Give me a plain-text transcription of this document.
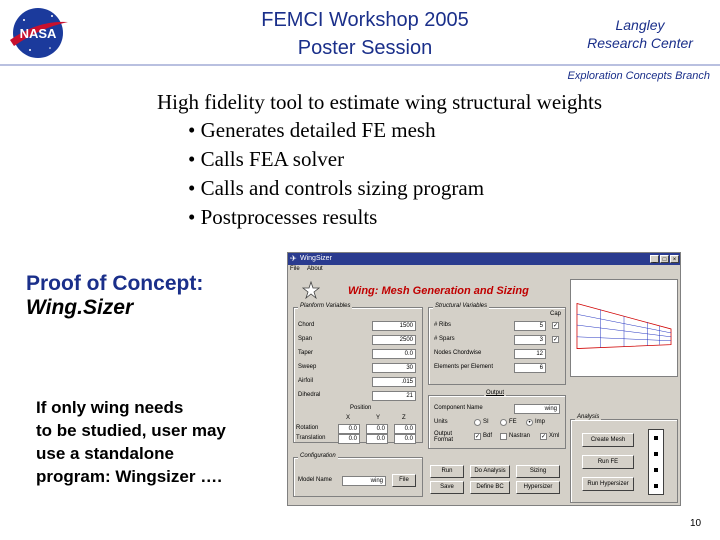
NASA
FEMCI Workshop 2005
Poster Session
Langley
Research Center
Exploration Concepts Branch
High fidelity tool to estimate wing structural weights
• Generates detailed FE mesh
• Calls FEA solver
• Calls and controls sizing program
• Postprocesses results
Proof of Concept:
Wing.Sizer
If only wing needs
to be studied, user may
use a standalone
program: Wingsizer ….
10
✈ WingSizer	_	□	×
File About
Wing: Mesh Generation and Sizing
Planform Variables
Chord	1500
Span	2500
Taper	0.0
Sweep	30
Airfoil	.015
Dihedral	21
Position
X	Y	Z
Rotation	0.0	0.0	0.0
Translation	0.0	0.0	0.0
Structural Variables
Cap
# Ribs	5	✓
# Spars	3	✓
Nodes Chordwise	12
Elements per Element	6
Output
Component Name	wing
Units	SI	FE	• Imp
Output Format	✓ Bdf	Nastran ✓ Xml
Configuration
Model Name	wing	File
Run	Do Analysis	Sizing
Save	Define BC	Hypersizer
Analysis
Create Mesh
Run FE
Run Hypersizer
